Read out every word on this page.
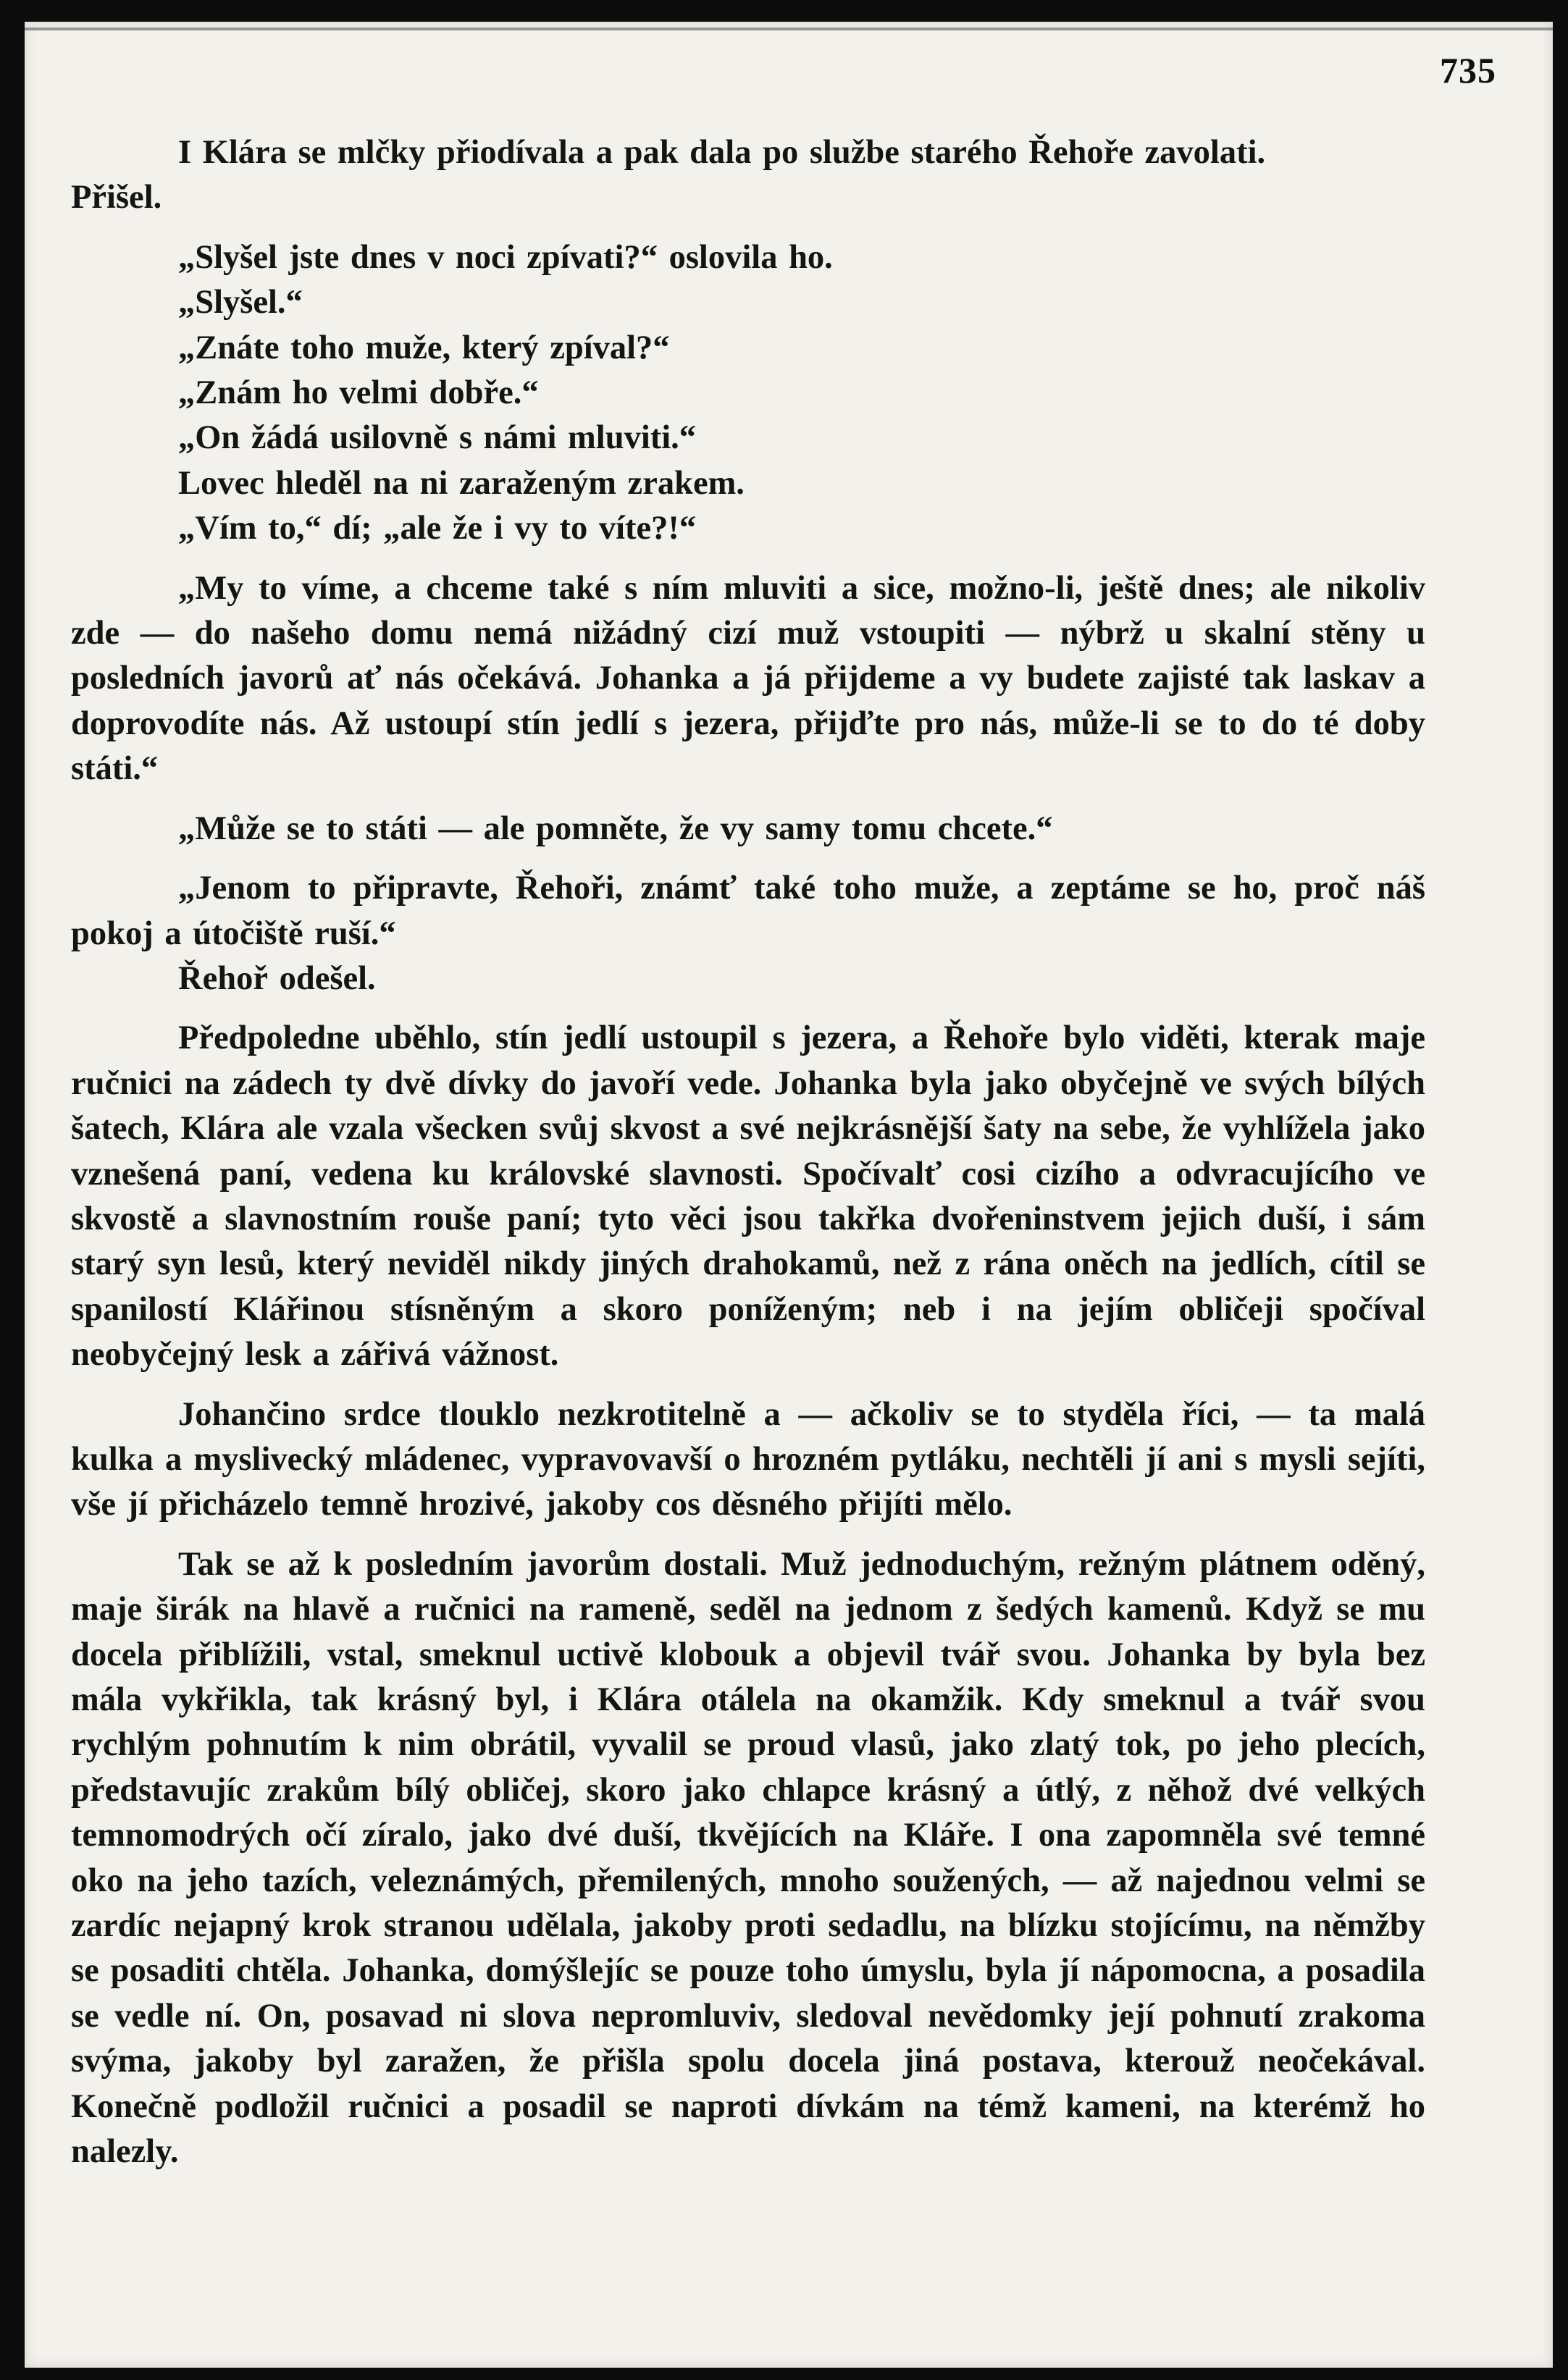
735

I Klára se mlčky přiodívala a pak dala po službe starého Řehoře zavolati.

Přišel.

„Slyšel jste dnes v noci zpívati?“ oslovila ho.

„Slyšel.“

„Znáte toho muže, který zpíval?“

„Znám ho velmi dobře.“

„On žádá usilovně s námi mluviti.“

Lovec hleděl na ni zaraženým zrakem.

„Vím to,“ dí; „ale že i vy to víte?!“

„My to víme, a chceme také s ním mluviti a sice, možno-li, ještě dnes; ale nikoliv zde — do našeho domu nemá nižádný cizí muž vstoupiti — nýbrž u skalní stěny u posledních javorů ať nás očekává. Johanka a já přijdeme a vy budete zajisté tak laskav a doprovodíte nás. Až ustoupí stín jedlí s jezera, přijďte pro nás, může-li se to do té doby státi.“

„Může se to státi — ale pomněte, že vy samy tomu chcete.“

„Jenom to připravte, Řehoři, známť také toho muže, a zeptáme se ho, proč náš pokoj a útočiště ruší.“

Řehoř odešel.

Předpoledne uběhlo, stín jedlí ustoupil s jezera, a Řehoře bylo viděti, kterak maje ručnici na zádech ty dvě dívky do javoří vede. Johanka byla jako obyčejně ve svých bílých šatech, Klára ale vzala všecken svůj skvost a své nejkrásnější šaty na sebe, že vyhlížela jako vznešená paní, vedena ku královské slavnosti. Spočívalť cosi cizího a odvracujícího ve skvostě a slavnostním rouše paní; tyto věci jsou takřka dvořeninstvem jejich duší, i sám starý syn lesů, který neviděl nikdy jiných drahokamů, než z rána oněch na jedlích, cítil se spanilostí Klářinou stísněným a skoro poníženým; neb i na jejím obličeji spočíval neobyčejný lesk a zářivá vážnost.

Johančino srdce tlouklo nezkrotitelně a — ačkoliv se to styděla říci, — ta malá kulka a myslivecký mládenec, vypravovavší o hrozném pytláku, nechtěli jí ani s mysli sejíti, vše jí přicházelo temně hrozivé, jakoby cos děsného přijíti mělo.

Tak se až k posledním javorům dostali. Muž jednoduchým, režným plátnem oděný, maje širák na hlavě a ručnici na rameně, seděl na jednom z šedých kamenů. Když se mu docela přiblížili, vstal, smeknul uctivě klobouk a objevil tvář svou. Johanka by byla bez mála vykřikla, tak krásný byl, i Klára otálela na okamžik. Kdy smeknul a tvář svou rychlým pohnutím k nim obrátil, vyvalil se proud vlasů, jako zlatý tok, po jeho plecích, představujíc zrakům bílý obličej, skoro jako chlapce krásný a útlý, z něhož dvé velkých temnomodrých očí zíralo, jako dvé duší, tkvějících na Kláře. I ona zapomněla své temné oko na jeho tazích, veleznámých, přemilených, mnoho soužených, — až najednou velmi se zardíc nejapný krok stranou udělala, jakoby proti sedadlu, na blízku stojícímu, na němžby se posaditi chtěla. Johanka, domýšlejíc se pouze toho úmyslu, byla jí nápomocna, a posadila se vedle ní. On, posavad ni slova nepromluviv, sledoval nevědomky její pohnutí zrakoma svýma, jakoby byl zaražen, že přišla spolu docela jiná postava, kterouž neočekával. Konečně podložil ručnici a posadil se naproti dívkám na témž kameni, na kterémž ho nalezly.
